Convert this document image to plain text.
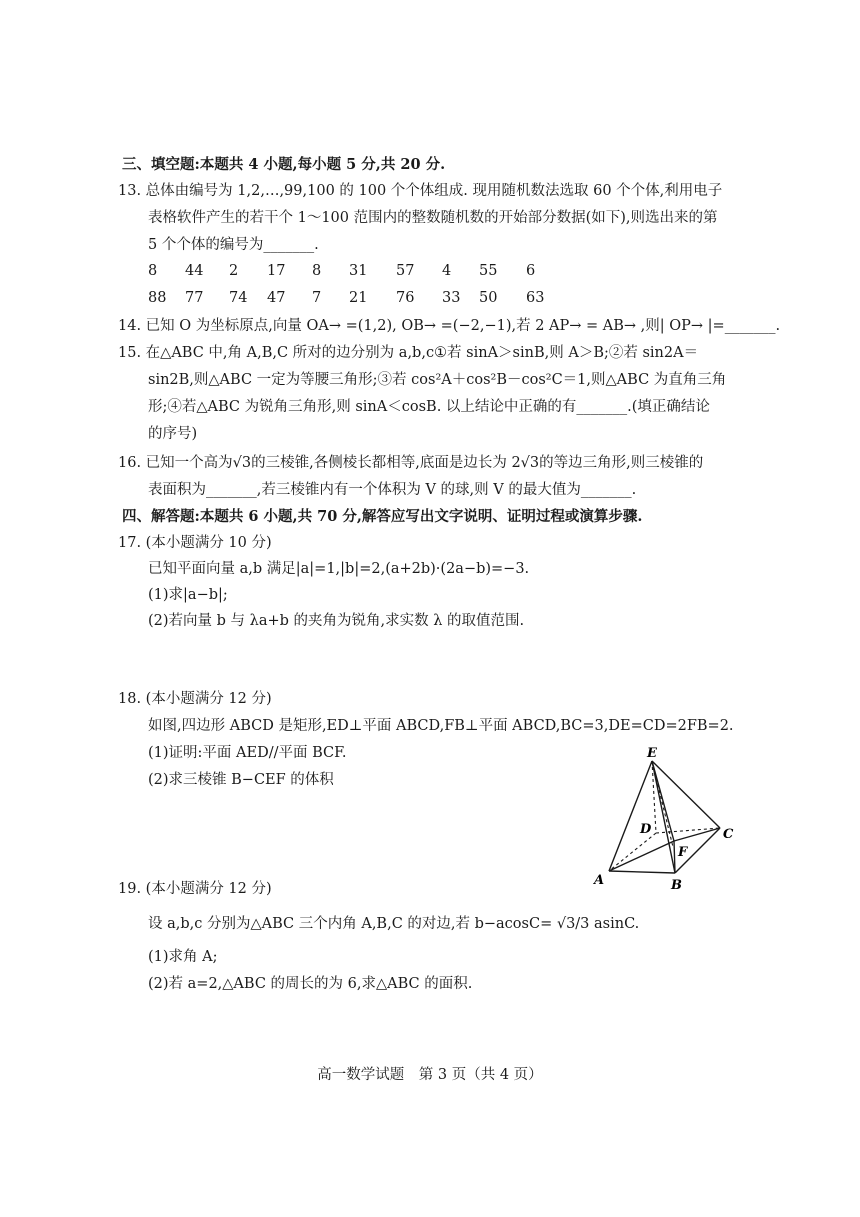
三、填空题:本题共 4 小题,每小题 5 分,共 20 分.
13. 总体由编号为 1,2,…,99,100 的 100 个个体组成. 现用随机数法选取 60 个个体,利用电子
表格软件产生的若干个 1～100 范围内的整数随机数的开始部分数据(如下),则选出来的第
5 个个体的编号为_______.
8 44 2 17 8 31 57 4 55 6
88 77 74 47 7 21 76 33 50 63
14. 已知 O 为坐标原点,向量 OA→ =(1,2), OB→ =(−2,−1),若 2 AP→ = AB→ ,则| OP→ |=_______.
15. 在△ABC 中,角 A,B,C 所对的边分别为 a,b,c①若 sinA＞sinB,则 A＞B;②若 sin2A＝
sin2B,则△ABC 一定为等腰三角形;③若 cos²A＋cos²B－cos²C＝1,则△ABC 为直角三角
形;④若△ABC 为锐角三角形,则 sinA＜cosB. 以上结论中正确的有_______.(填正确结论
的序号)
16. 已知一个高为√3的三棱锥,各侧棱长都相等,底面是边长为 2√3的等边三角形,则三棱锥的
表面积为_______,若三棱锥内有一个体积为 V 的球,则 V 的最大值为_______.
四、解答题:本题共 6 小题,共 70 分,解答应写出文字说明、证明过程或演算步骤.
17. (本小题满分 10 分)
已知平面向量 a,b 满足|a|=1,|b|=2,(a+2b)·(2a−b)=−3.
(1)求|a−b|;
(2)若向量 b 与 λa+b 的夹角为锐角,求实数 λ 的取值范围.
18. (本小题满分 12 分)
如图,四边形 ABCD 是矩形,ED⊥平面 ABCD,FB⊥平面 ABCD,BC=3,DE=CD=2FB=2.
(1)证明:平面 AED//平面 BCF.
(2)求三棱锥 B−CEF 的体积
E
D	C
F
A	B
19. (本小题满分 12 分)
设 a,b,c 分别为△ABC 三个内角 A,B,C 的对边,若 b−acosC= √3/3 asinC.
(1)求角 A;
(2)若 a=2,△ABC 的周长的为 6,求△ABC 的面积.
高一数学试题　第 3 页（共 4 页）
